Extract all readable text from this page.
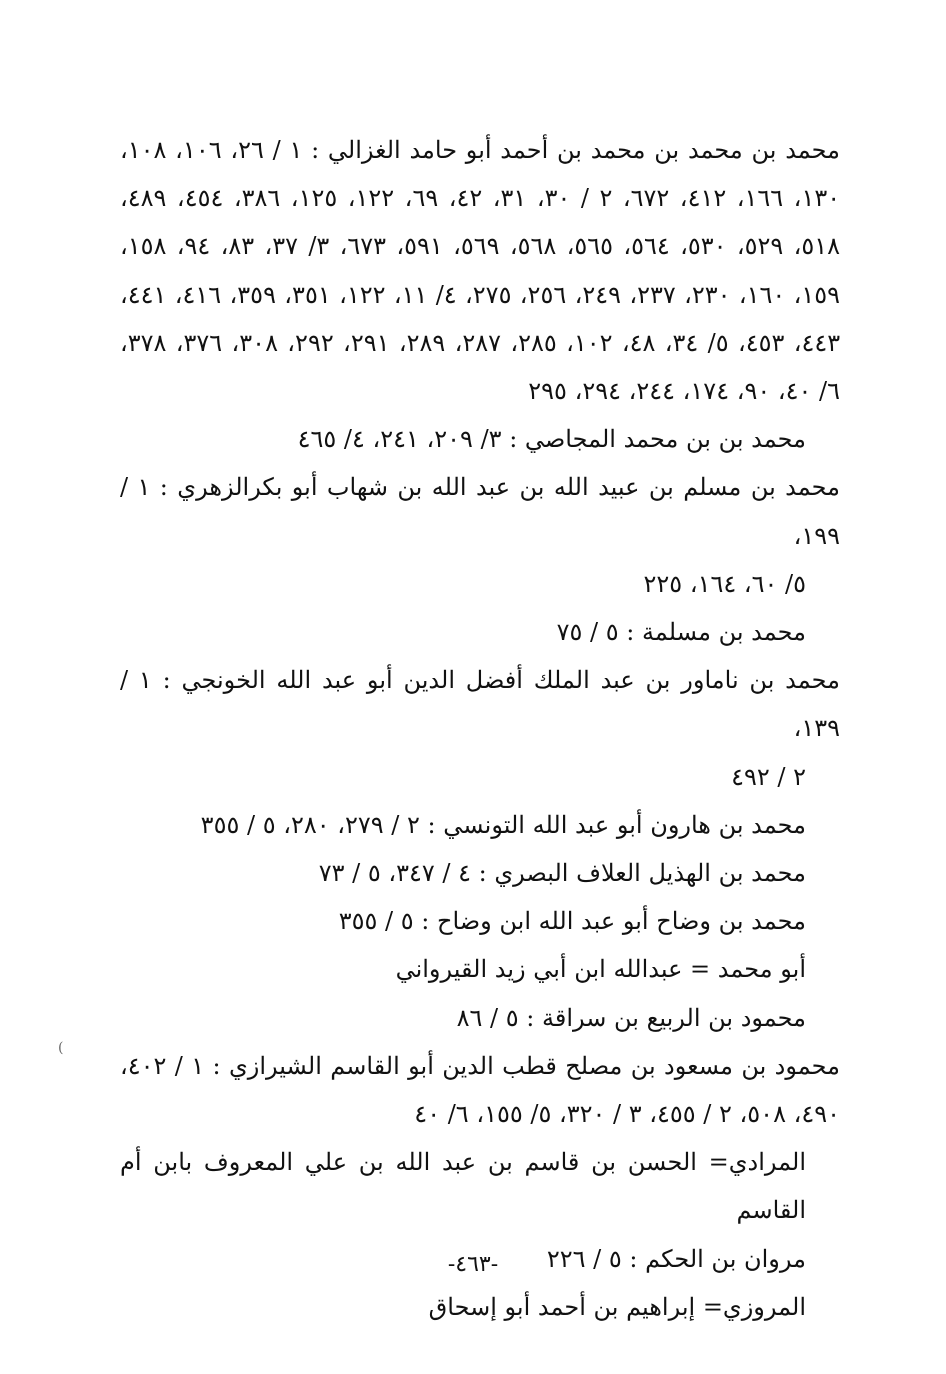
محمد بن محمد بن محمد بن أحمد أبو حامد الغزالي : ١ / ٢٦، ١٠٦، ١٠٨، ١٣٠، ١٦٦، ٤١٢، ٦٧٢، ٢ / ٣٠، ٣١، ٤٢، ٦٩، ١٢٢، ١٢٥، ٣٨٦، ٤٥٤، ٤٨٩، ٥١٨، ٥٢٩، ٥٣٠، ٥٦٤، ٥٦٥، ٥٦٨، ٥٦٩، ٥٩١، ٦٧٣، ٣/ ٣٧، ٨٣، ٩٤، ١٥٨، ١٥٩، ١٦٠، ٢٣٠، ٢٣٧، ٢٤٩، ٢٥٦، ٢٧٥، ٤/ ١١، ١٢٢، ٣٥١، ٣٥٩، ٤١٦، ٤٤١، ٤٤٣، ٤٥٣، ٥/ ٣٤، ٤٨، ١٠٢، ٢٨٥، ٢٨٧، ٢٨٩، ٢٩١، ٢٩٢، ٣٠٨، ٣٧٦، ٣٧٨، ٦/ ٤٠، ٩٠، ١٧٤، ٢٤٤، ٢٩٤، ٢٩٥
محمد بن بن محمد المجاصي : ٣/ ٢٠٩، ٢٤١، ٤/ ٤٦٥
محمد بن مسلم بن عبيد الله بن عبد الله بن شهاب أبو بكرالزهري : ١ / ١٩٩،
٥/ ٦٠، ١٦٤، ٢٢٥
محمد بن مسلمة : ٥ / ٧٥
محمد بن ناماور بن عبد الملك أفضل الدين أبو عبد الله الخونجي : ١ / ١٣٩،
٢ / ٤٩٢
محمد بن هارون أبو عبد الله التونسي : ٢ / ٢٧٩، ٢٨٠، ٥ / ٣٥٥
محمد بن الهذيل العلاف البصري : ٤ / ٣٤٧، ٥ / ٧٣
محمد بن وضاح أبو عبد الله ابن وضاح : ٥ / ٣٥٥
أبو محمد = عبدالله ابن أبي زيد القيرواني
محمود بن الربيع بن سراقة : ٥ / ٨٦
محمود بن مسعود بن مصلح قطب الدين أبو القاسم الشيرازي : ١ / ٤٠٢، ٤٩٠، ٥٠٨، ٢ / ٤٥٥، ٣ / ٣٢٠، ٥/ ١٥٥، ٦/ ٤٠
المرادي= الحسن بن قاسم بن عبد الله بن علي المعروف بابن أم القاسم
مروان بن الحكم : ٥ / ٢٢٦
المروزي= إبراهيم بن أحمد أبو إسحاق
-٤٦٣-
(
